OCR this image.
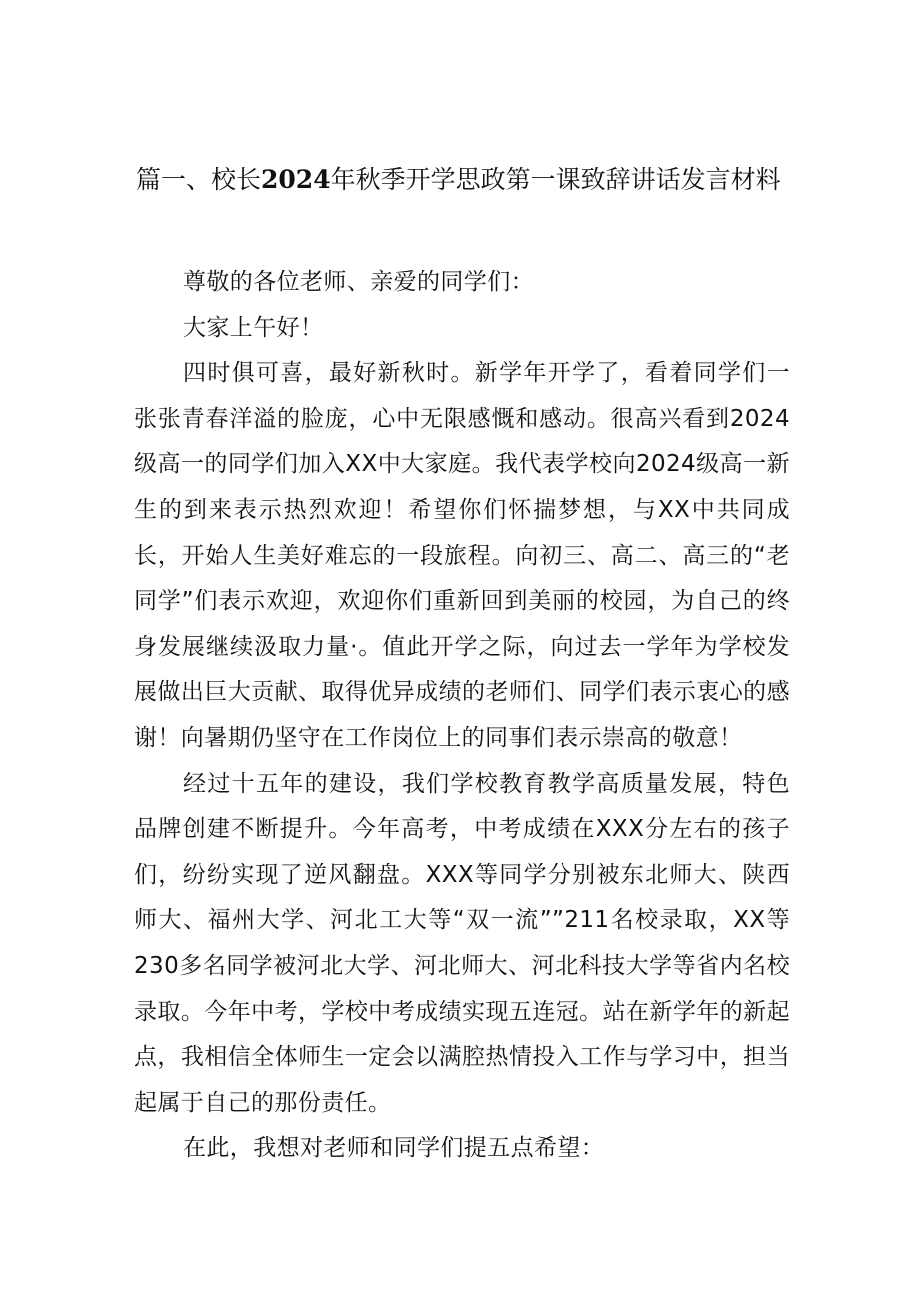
篇一、校长2024年秋季开学思政第一课致辞讲话发言材料

尊敬的各位老师、亲爱的同学们：

大家上午好！

四时俱可喜，最好新秋时。新学年开学了，看着同学们一张张青春洋溢的脸庞，心中无限感慨和感动。很高兴看到2024级高一的同学们加入XX中大家庭。我代表学校向2024级高一新生的到来表示热烈欢迎！希望你们怀揣梦想，与XX中共同成长，开始人生美好难忘的一段旅程。向初三、高二、高三的“老同学”们表示欢迎，欢迎你们重新回到美丽的校园，为自己的终身发展继续汲取力量·。值此开学之际，向过去一学年为学校发展做出巨大贡献、取得优异成绩的老师们、同学们表示衷心的感谢！向暑期仍坚守在工作岗位上的同事们表示崇高的敬意！

经过十五年的建设，我们学校教育教学高质量发展，特色品牌创建不断提升。今年高考，中考成绩在XXX分左右的孩子们，纷纷实现了逆风翻盘。XXX等同学分别被东北师大、陕西师大、福州大学、河北工大等“双一流””211名校录取，XX等230多名同学被河北大学、河北师大、河北科技大学等省内名校录取。今年中考，学校中考成绩实现五连冠。站在新学年的新起点，我相信全体师生一定会以满腔热情投入工作与学习中，担当起属于自己的那份责任。

在此，我想对老师和同学们提五点希望：
